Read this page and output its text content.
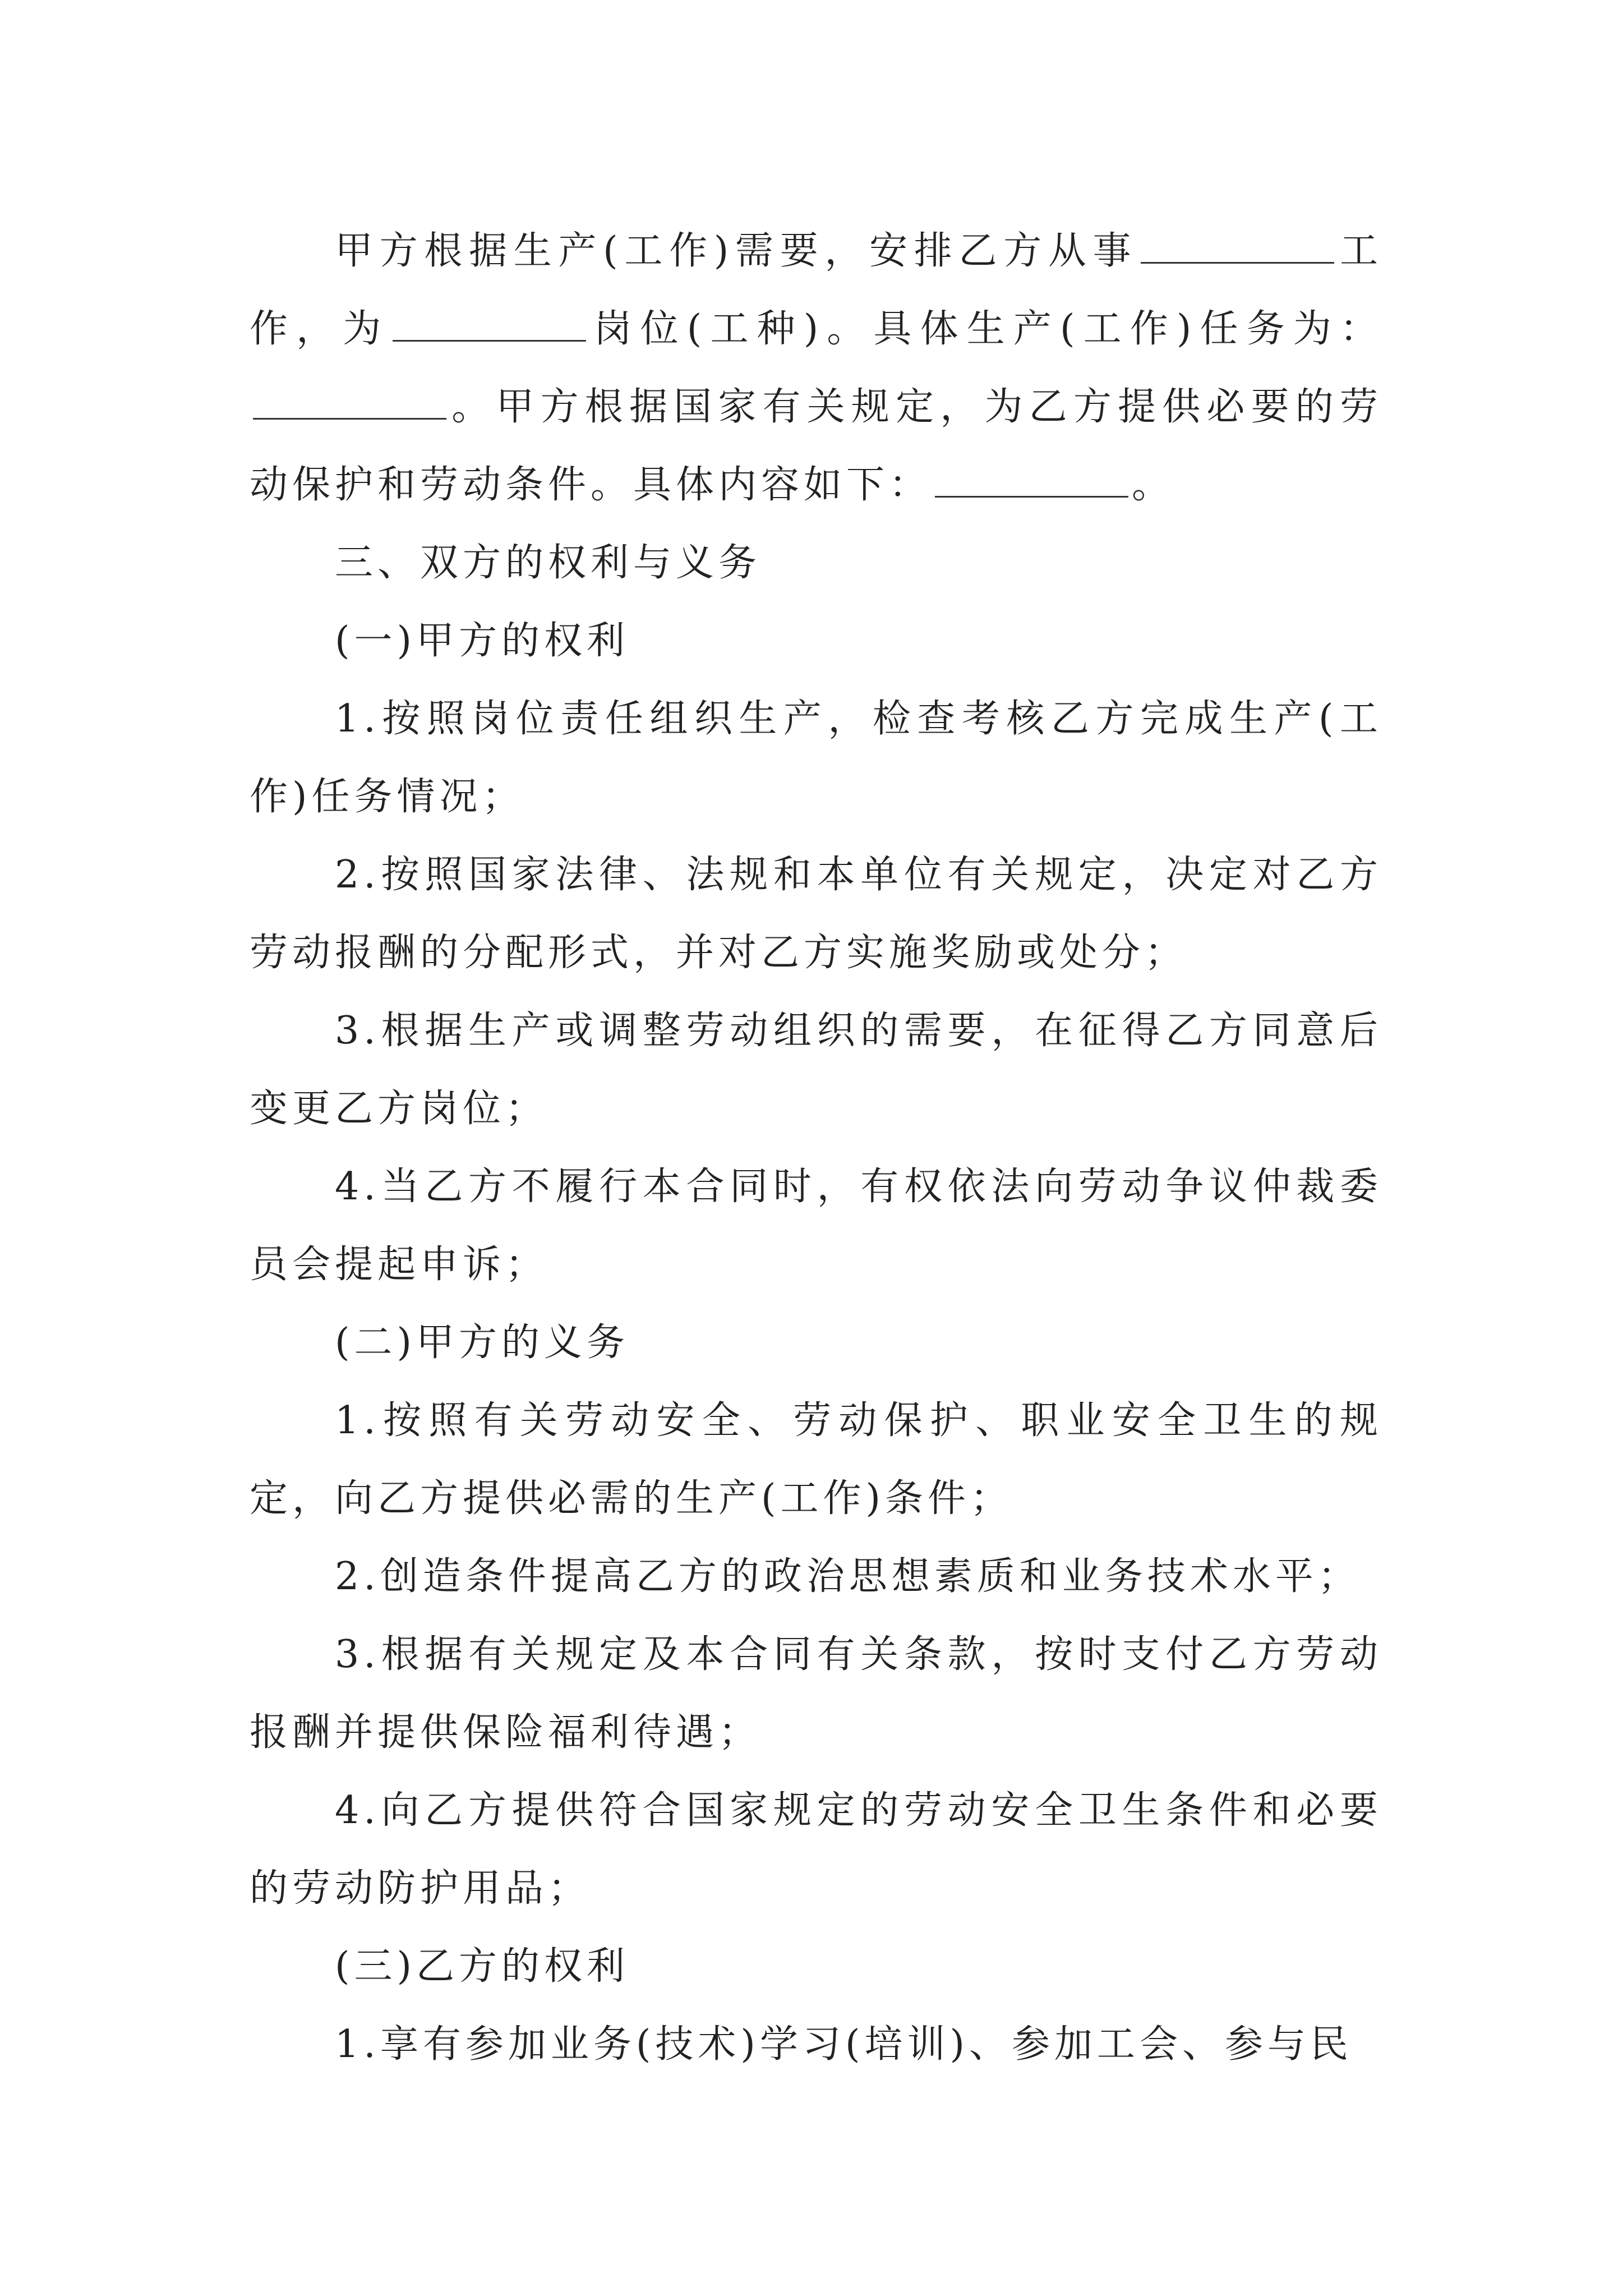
甲方根据生产(工作)需要，安排乙方从事	工作，为	岗位(工种)。具体生产(工作)任务为：。甲方根据国家有关规定，为乙方提供必要的劳动保护和劳动条件。具体内容如下：	。

三、双方的权利与义务

(一)甲方的权利

1.按照岗位责任组织生产，检查考核乙方完成生产(工作)任务情况；

2.按照国家法律、法规和本单位有关规定，决定对乙方劳动报酬的分配形式，并对乙方实施奖励或处分；

3.根据生产或调整劳动组织的需要，在征得乙方同意后变更乙方岗位；

4.当乙方不履行本合同时，有权依法向劳动争议仲裁委员会提起申诉；

(二)甲方的义务

1.按照有关劳动安全、劳动保护、职业安全卫生的规定，向乙方提供必需的生产(工作)条件；

2.创造条件提高乙方的政治思想素质和业务技术水平；

3.根据有关规定及本合同有关条款，按时支付乙方劳动报酬并提供保险福利待遇；

4.向乙方提供符合国家规定的劳动安全卫生条件和必要的劳动防护用品；

(三)乙方的权利

1.享有参加业务(技术)学习(培训)、参加工会、参与民
